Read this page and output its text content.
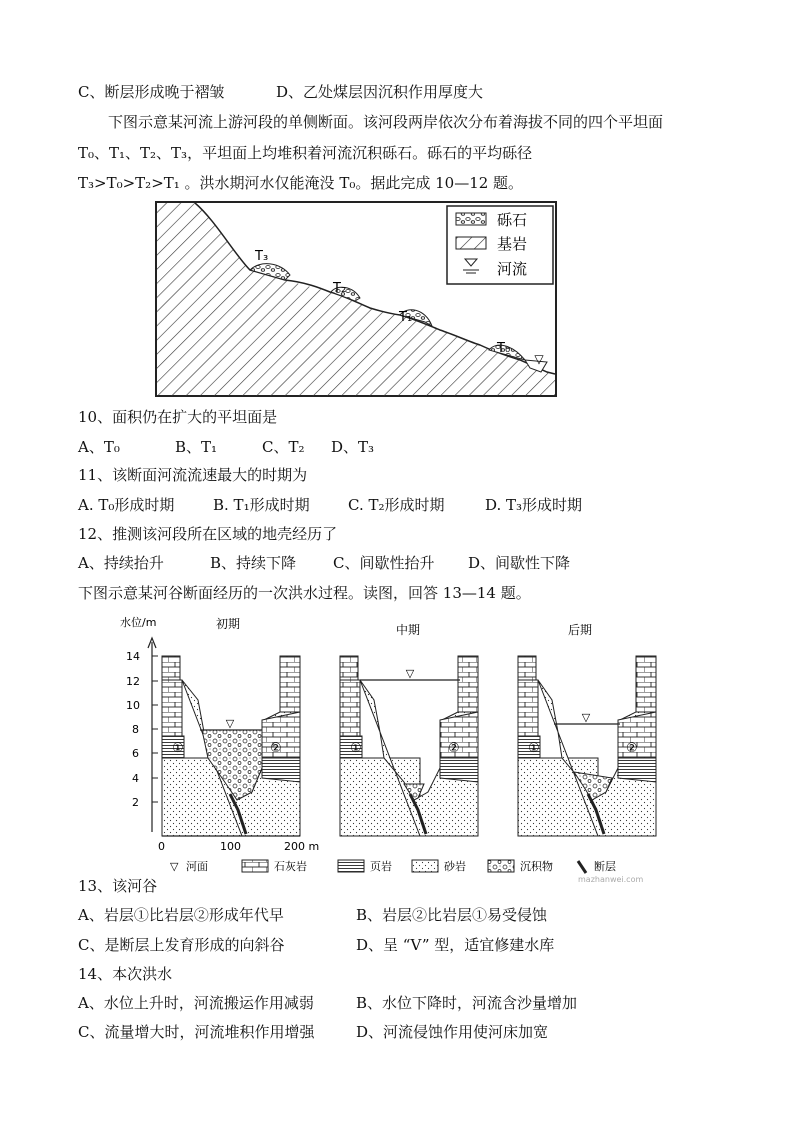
C、断层形成晚于褶皱	D、乙处煤层因沉积作用厚度大
下图示意某河流上游河段的单侧断面。该河段两岸依次分布着海拔不同的四个平坦面
T₀、T₁、T₂、T₃，平坦面上均堆积着河流沉积砾石。砾石的平均砾径
T₃>T₀>T₂>T₁ 。洪水期河水仅能淹没 T₀。据此完成 10—12 题。
▽
T₃
T₂
T₁
T₀
砾石
基岩
河流
10、面积仍在扩大的平坦面是
A、T₀	B、T₁	C、T₂ D、T₃
11、该断面河流流速最大的时期为
A. T₀形成时期	B. T₁形成时期	C. T₂形成时期	D. T₃形成时期
12、推测该河段所在区域的地壳经历了
A、持续抬升	B、持续下降 C、间歇性抬升 D、间歇性下降
下图示意某河谷断面经历的一次洪水过程。读图，回答 13—14 题。
水位/m
14
12
10
8
6
4
2
初期	中期	后期
▽
①	②
0	100	200 m
▽
①	②
▽
①	②
▽ 河面	石灰岩	页岩	砂岩	沉积物	断层
mazhanwei.com
13、该河谷
A、岩层①比岩层②形成年代早	B、岩层②比岩层①易受侵蚀
C、是断层上发育形成的向斜谷	D、呈 “V” 型，适宜修建水库
14、本次洪水
A、水位上升时，河流搬运作用减弱	B、水位下降时，河流含沙量增加
C、流量增大时，河流堆积作用增强	D、河流侵蚀作用使河床加宽
